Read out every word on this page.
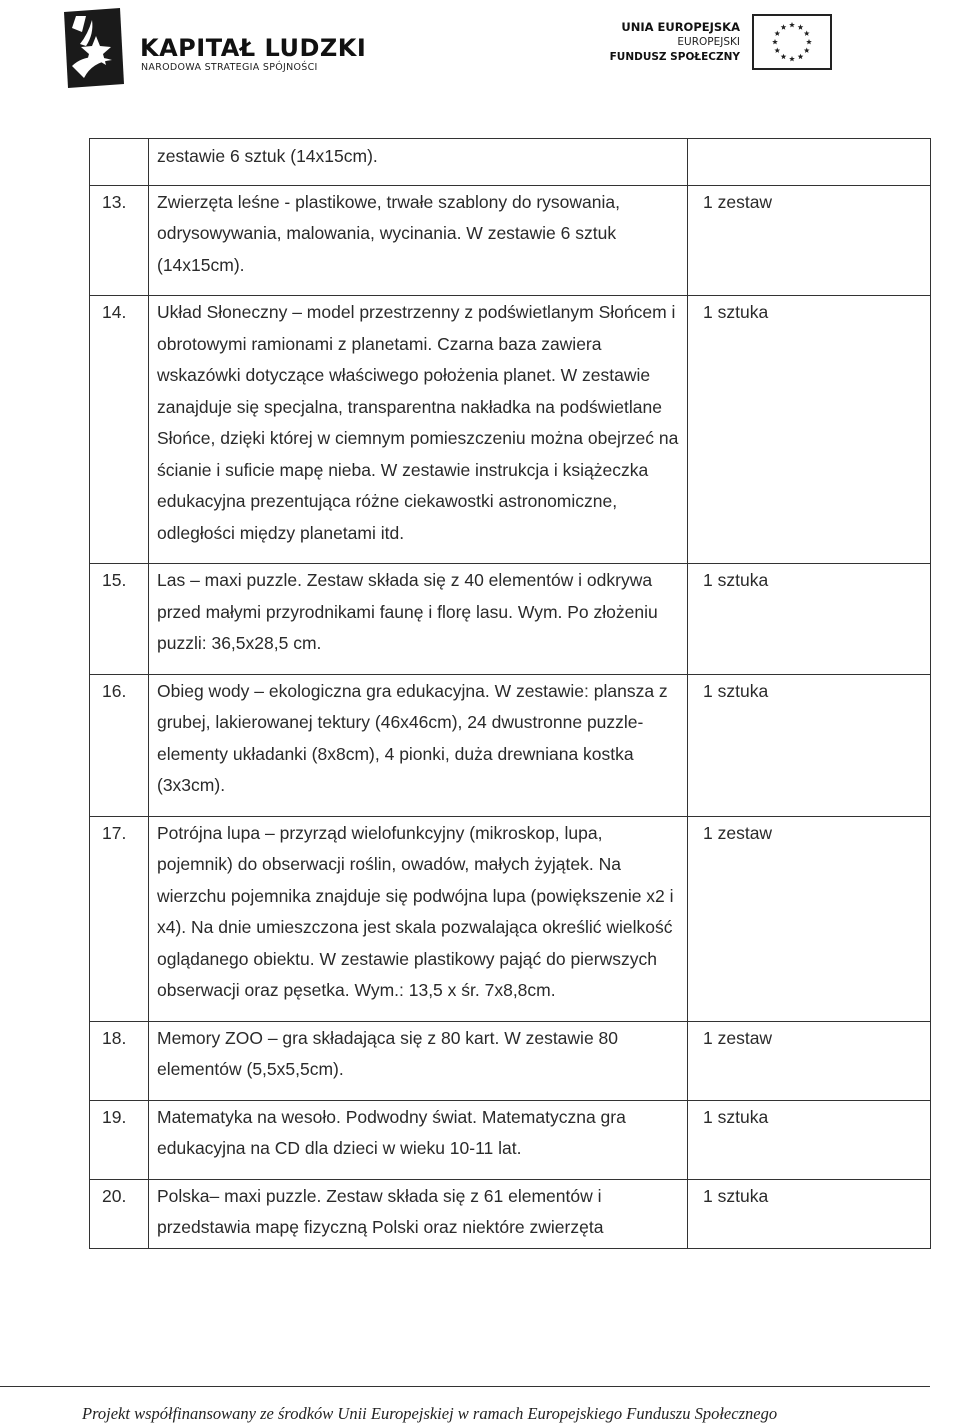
KAPITAŁ LUDZKI
NARODOWA STRATEGIA SPÓJNOŚCI
UNIA EUROPEJSKA
EUROPEJSKI
FUNDUSZ SPOŁECZNY
	zestawie 6 sztuk (14x15cm).	
13.	Zwierzęta leśne - plastikowe, trwałe szablony do rysowania, odrysowywania, malowania, wycinania. W zestawie 6 sztuk (14x15cm).	1 zestaw
14.	Układ Słoneczny – model przestrzenny z podświetlanym Słońcem i obrotowymi ramionami z planetami. Czarna baza zawiera wskazówki dotyczące właściwego położenia planet. W zestawie zanajduje się specjalna, transparentna nakładka na podświetlane Słońce, dzięki której w ciemnym pomieszczeniu można obejrzeć na ścianie i suficie mapę nieba. W zestawie instrukcja i książeczka edukacyjna prezentująca różne ciekawostki astronomiczne, odległości między planetami itd.	1 sztuka
15.	Las – maxi puzzle. Zestaw składa się z 40 elementów i odkrywa przed małymi przyrodnikami faunę i florę lasu. Wym. Po złożeniu puzzli: 36,5x28,5 cm.	1 sztuka
16.	Obieg wody – ekologiczna gra edukacyjna. W zestawie: plansza z grubej, lakierowanej tektury (46x46cm), 24 dwustronne puzzle- elementy układanki (8x8cm), 4 pionki, duża drewniana kostka (3x3cm).	1 sztuka
17.	Potrójna lupa – przyrząd wielofunkcyjny (mikroskop, lupa, pojemnik) do obserwacji roślin, owadów, małych żyjątek. Na wierzchu pojemnika znajduje się podwójna lupa (powiększenie x2 i x4). Na dnie umieszczona jest skala pozwalająca określić wielkość oglądanego obiektu. W zestawie plastikowy pająć do pierwszych obserwacji oraz pęsetka. Wym.: 13,5 x śr. 7x8,8cm.	1 zestaw
18.	Memory ZOO – gra składająca się z 80 kart. W zestawie 80 elementów (5,5x5,5cm).	1 zestaw
19.	Matematyka na wesoło. Podwodny świat. Matematyczna gra edukacyjna na CD dla dzieci w wieku 10-11 lat.	1 sztuka
20.	Polska– maxi puzzle. Zestaw składa się z 61 elementów i przedstawia mapę fizyczną Polski oraz niektóre zwierzęta	1 sztuka
Projekt współfinansowany ze środków Unii Europejskiej w ramach Europejskiego Funduszu Społecznego
